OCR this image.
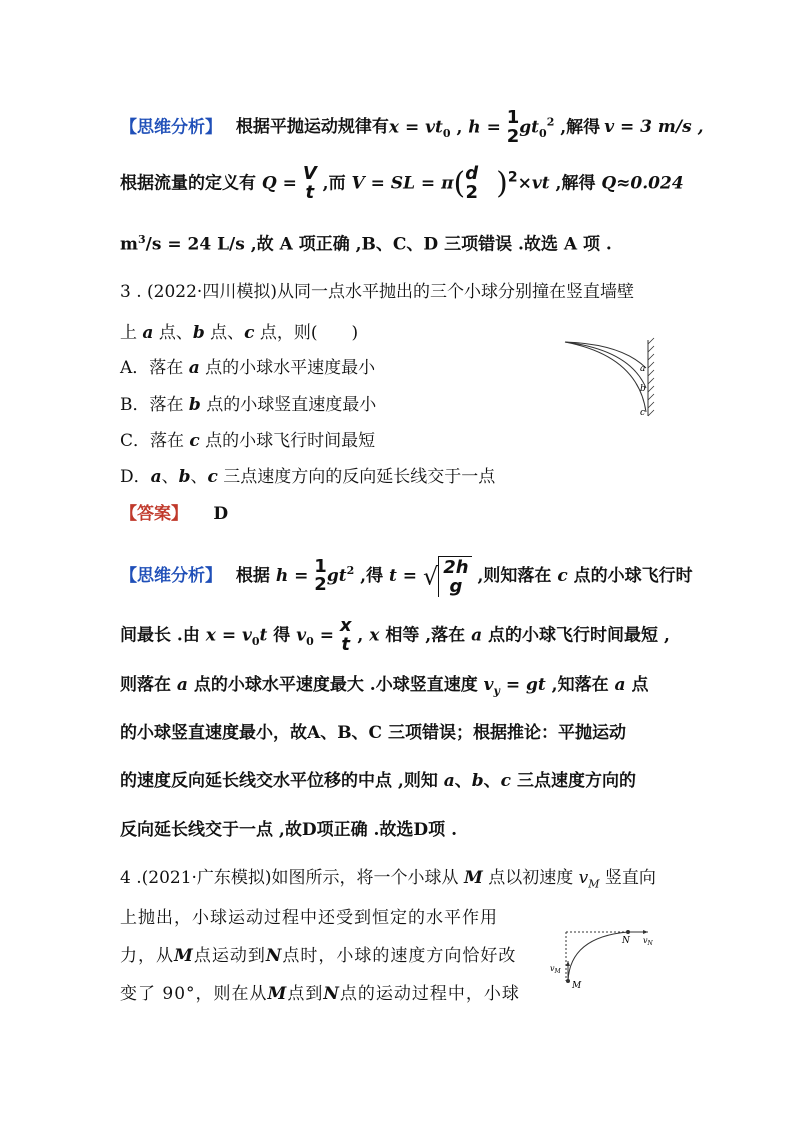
【思维分析】 根据平抛运动规律有$x = vt_0$ , h = 1
2 $gt_0^2$ ,解得 v = 3 m/s ,
根据流量的定义有 Q = V
t ,而 V = SL = π( d
2 )$^2$×vt ,解得 Q≈0.024
$m^3/s = 24$ L/s ,故 A 项正确 ,B、C、D 三项错误 .故选 A 项 .
3 . (2022·四川模拟)从同一点水平抛出的三个小球分别撞在竖直墙壁
上 a 点、b 点、c 点，则(　　)
A．落在 a 点的小球水平速度最小
B．落在 b 点的小球竖直速度最小
C．落在 c 点的小球飞行时间最短
D．a、b、c 三点速度方向的反向延长线交于一点
【答案】 D
a
b
c
【思维分析】 根据 h = 1
2 $gt^2$ ,得 t = √ 2h
g ,则知落在 c 点的小球飞行时
间最长 .由 $x = v_0t$ 得 $v_0 = x$
t , x 相等 ,落在 a 点的小球飞行时间最短 ,
则落在 a 点的小球水平速度最大 .小球竖直速度 $v_y$ = gt ,知落在 a 点
的小球竖直速度最小，故A、B、C 三项错误；根据推论：平抛运动
的速度反向延长线交水平位移的中点 ,则知 a、b、c 三点速度方向的
反向延长线交于一点 ,故D项正确 .故选D项 .
4 .(2021·广东模拟)如图所示，将一个小球从 M 点以初速度 $v_M$ 竖直向
上抛出，小球运动过程中还受到恒定的水平作用
力，从M点运动到N点时，小球的速度方向恰好改
变了 90°，则在从M点到N点的运动过程中，小球
N $v_N$
$v_M$
M
